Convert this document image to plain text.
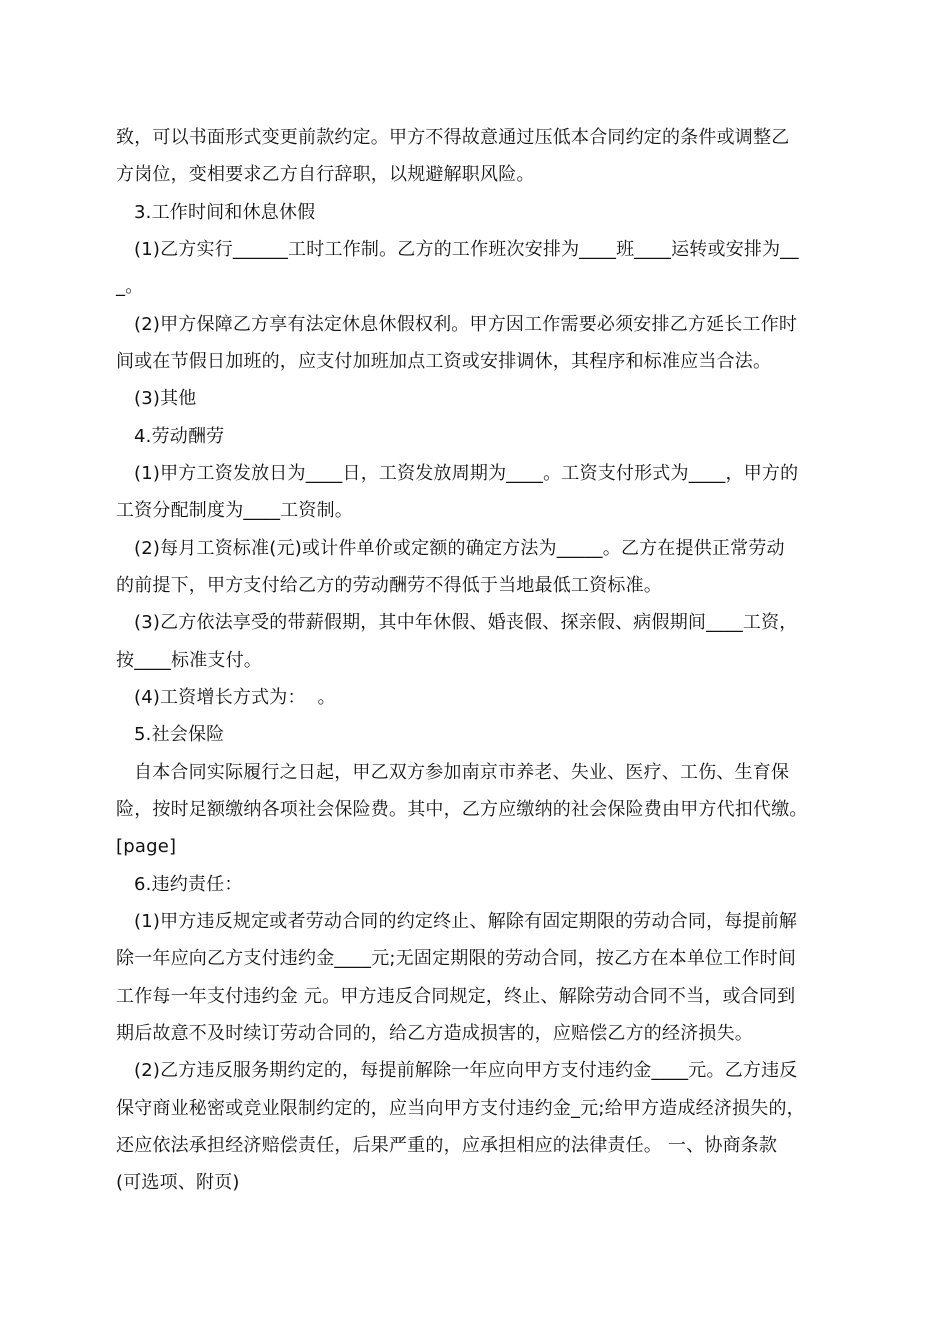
致，可以书面形式变更前款约定。甲方不得故意通过压低本合同约定的条件或调整乙
方岗位，变相要求乙方自行辞职，以规避解职风险。
3.工作时间和休息休假
(1)乙方实行______工时工作制。乙方的工作班次安排为____班____运转或安排为__
_。
(2)甲方保障乙方享有法定休息休假权利。甲方因工作需要必须安排乙方延长工作时
间或在节假日加班的，应支付加班加点工资或安排调休，其程序和标准应当合法。
(3)其他
4.劳动酬劳
(1)甲方工资发放日为____日，工资发放周期为____。工资支付形式为____，甲方的
工资分配制度为____工资制。
(2)每月工资标准(元)或计件单价或定额的确定方法为_____。乙方在提供正常劳动
的前提下，甲方支付给乙方的劳动酬劳不得低于当地最低工资标准。
(3)乙方依法享受的带薪假期，其中年休假、婚丧假、探亲假、病假期间____工资，
按____标准支付。
(4)工资增长方式为：  。
5.社会保险
自本合同实际履行之日起，甲乙双方参加南京市养老、失业、医疗、工伤、生育保
险，按时足额缴纳各项社会保险费。其中，乙方应缴纳的社会保险费由甲方代扣代缴。
[page]
6.违约责任：
(1)甲方违反规定或者劳动合同的约定终止、解除有固定期限的劳动合同，每提前解
除一年应向乙方支付违约金____元;无固定期限的劳动合同，按乙方在本单位工作时间
工作每一年支付违约金 元。甲方违反合同规定，终止、解除劳动合同不当，或合同到
期后故意不及时续订劳动合同的，给乙方造成损害的，应赔偿乙方的经济损失。
(2)乙方违反服务期约定的，每提前解除一年应向甲方支付违约金____元。乙方违反
保守商业秘密或竞业限制约定的，应当向甲方支付违约金_元;给甲方造成经济损失的，
还应依法承担经济赔偿责任，后果严重的，应承担相应的法律责任。 一、协商条款
(可选项、附页)
